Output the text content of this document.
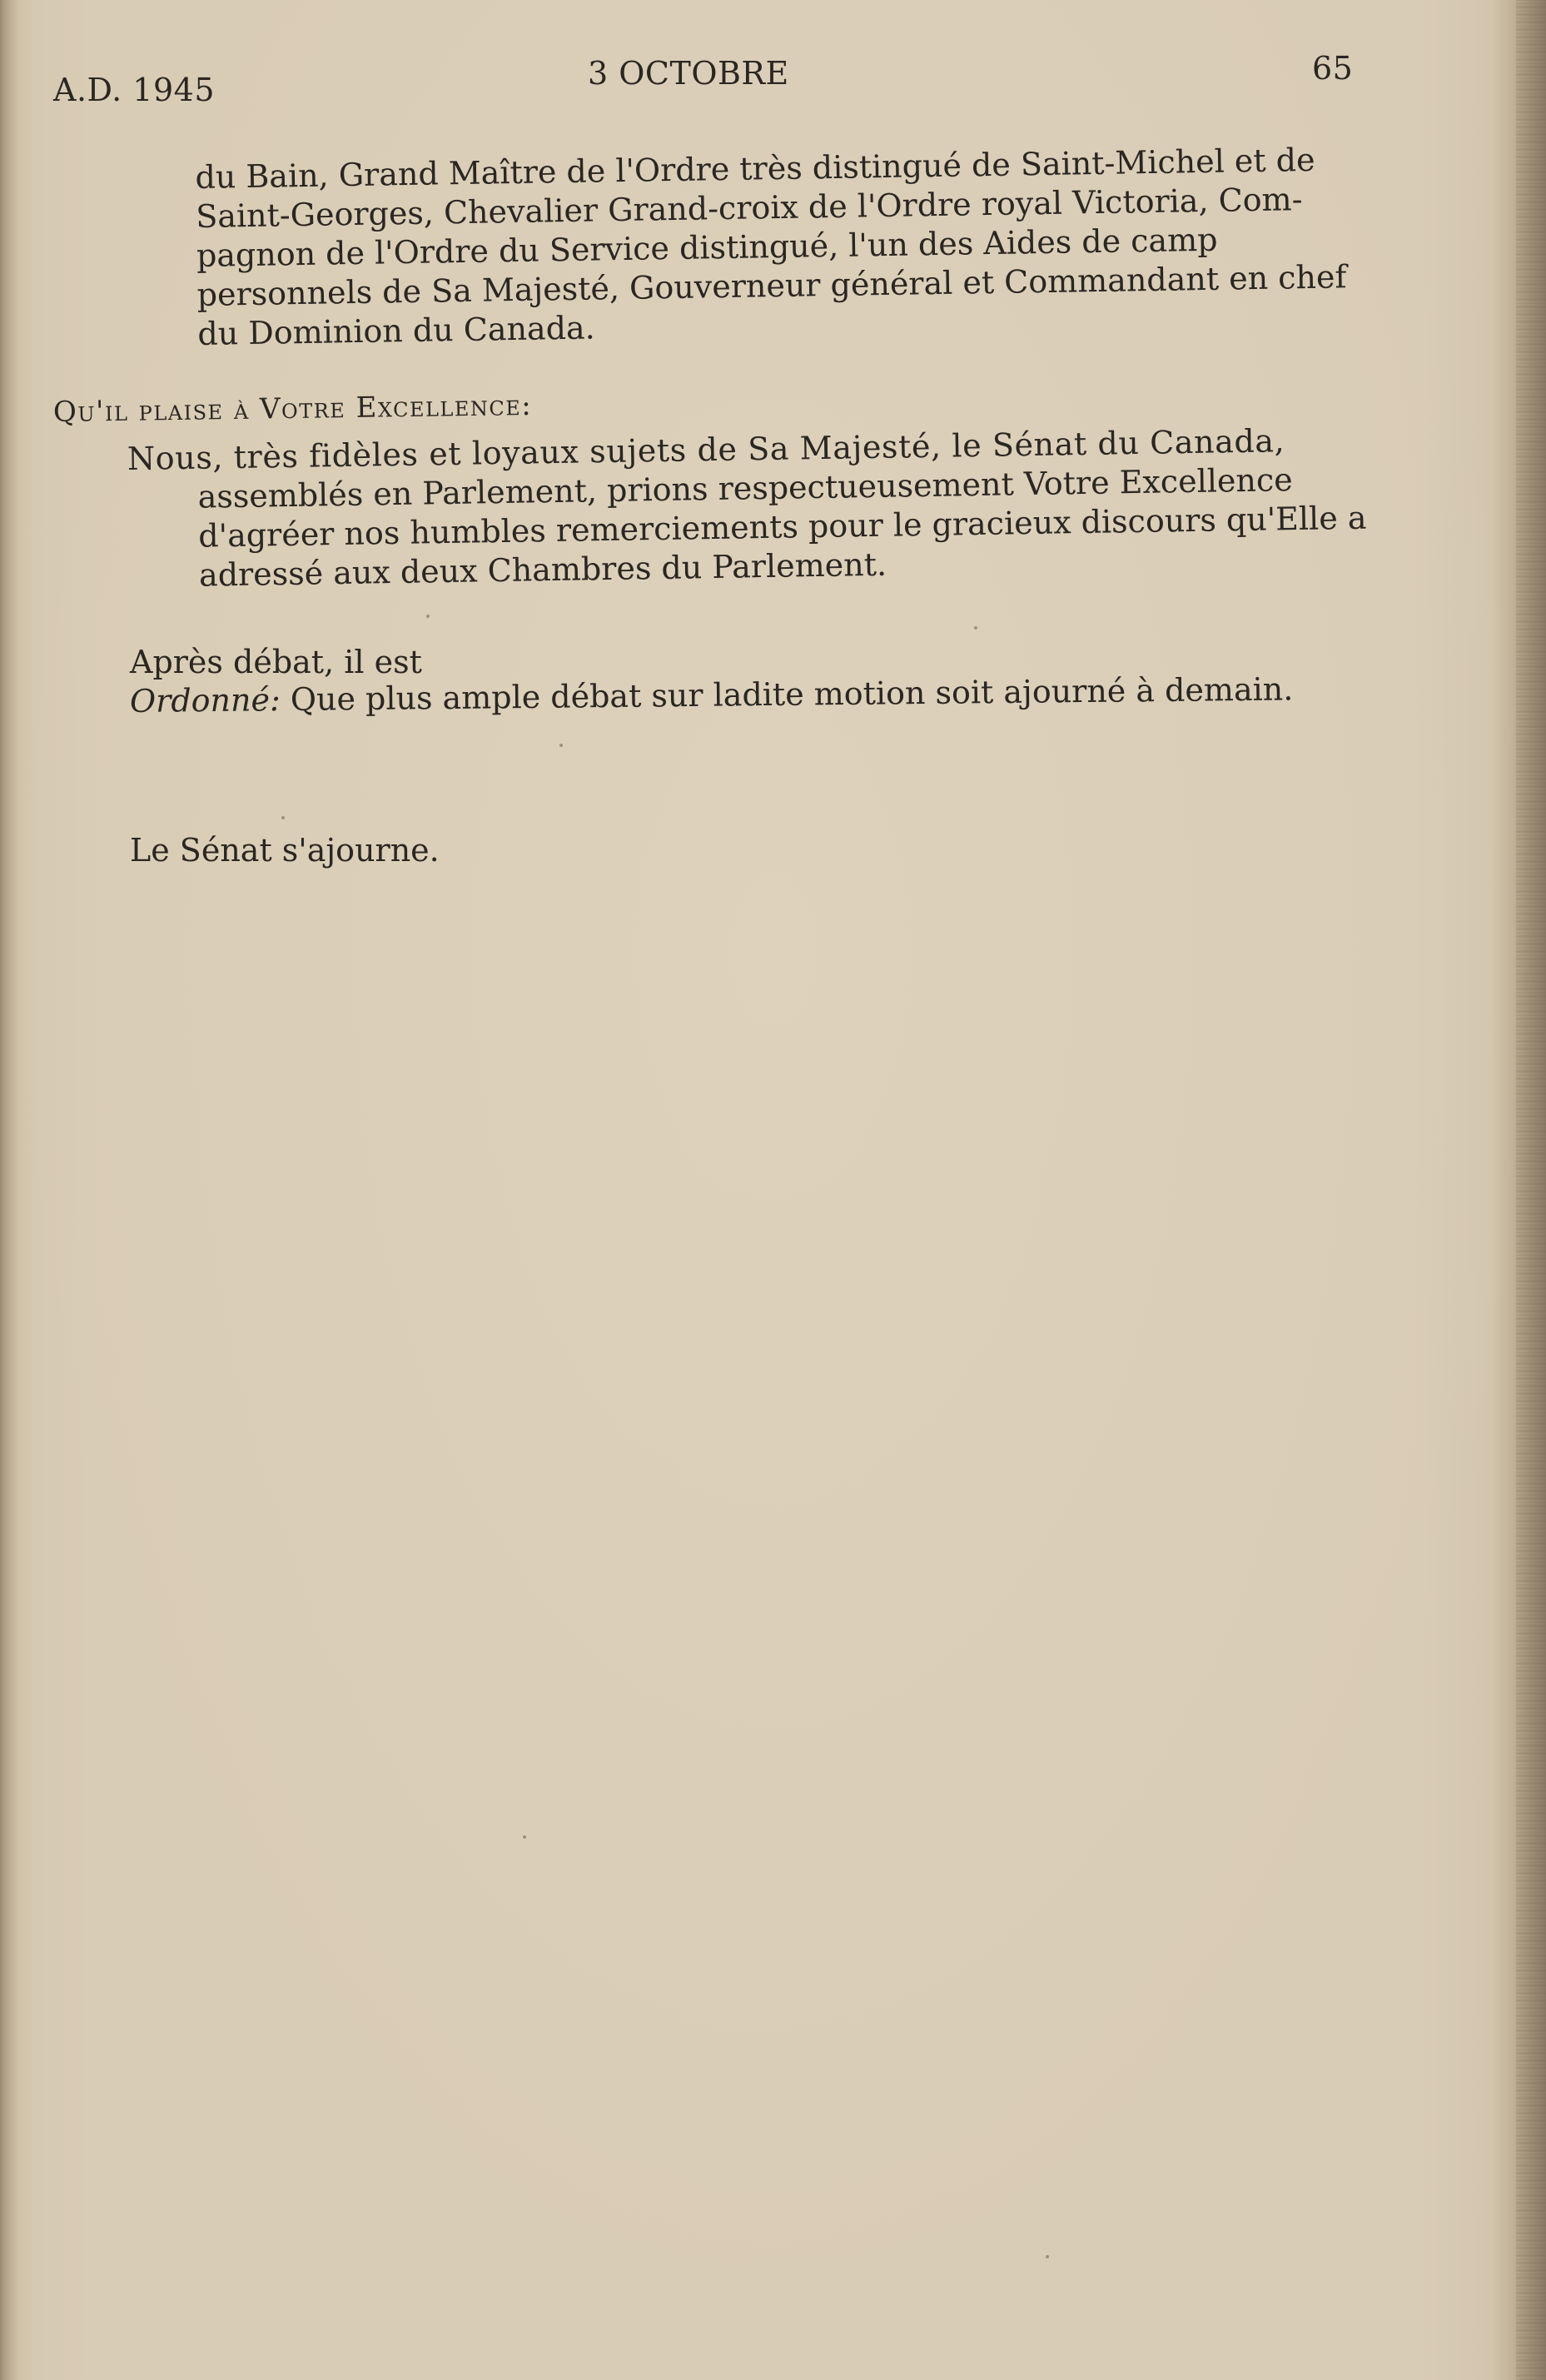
A.D. 1945	3 OCTOBRE	65
du Bain, Grand Maître de l'Ordre très distingué de Saint-Michel et de
Saint-Georges, Chevalier Grand-croix de l'Ordre royal Victoria, Com-
pagnon de l'Ordre du Service distingué, l'un des Aides de camp
personnels de Sa Majesté, Gouverneur général et Commandant en chef
du Dominion du Canada.
Qu'il plaise à Votre Excellence:
Nous, très fidèles et loyaux sujets de Sa Majesté, le Sénat du Canada,
assemblés en Parlement, prions respectueusement Votre Excellence
d'agréer nos humbles remerciements pour le gracieux discours qu'Elle a
adressé aux deux Chambres du Parlement.
Après débat, il est
Ordonné: Que plus ample débat sur ladite motion soit ajourné à demain.
Le Sénat s'ajourne.
